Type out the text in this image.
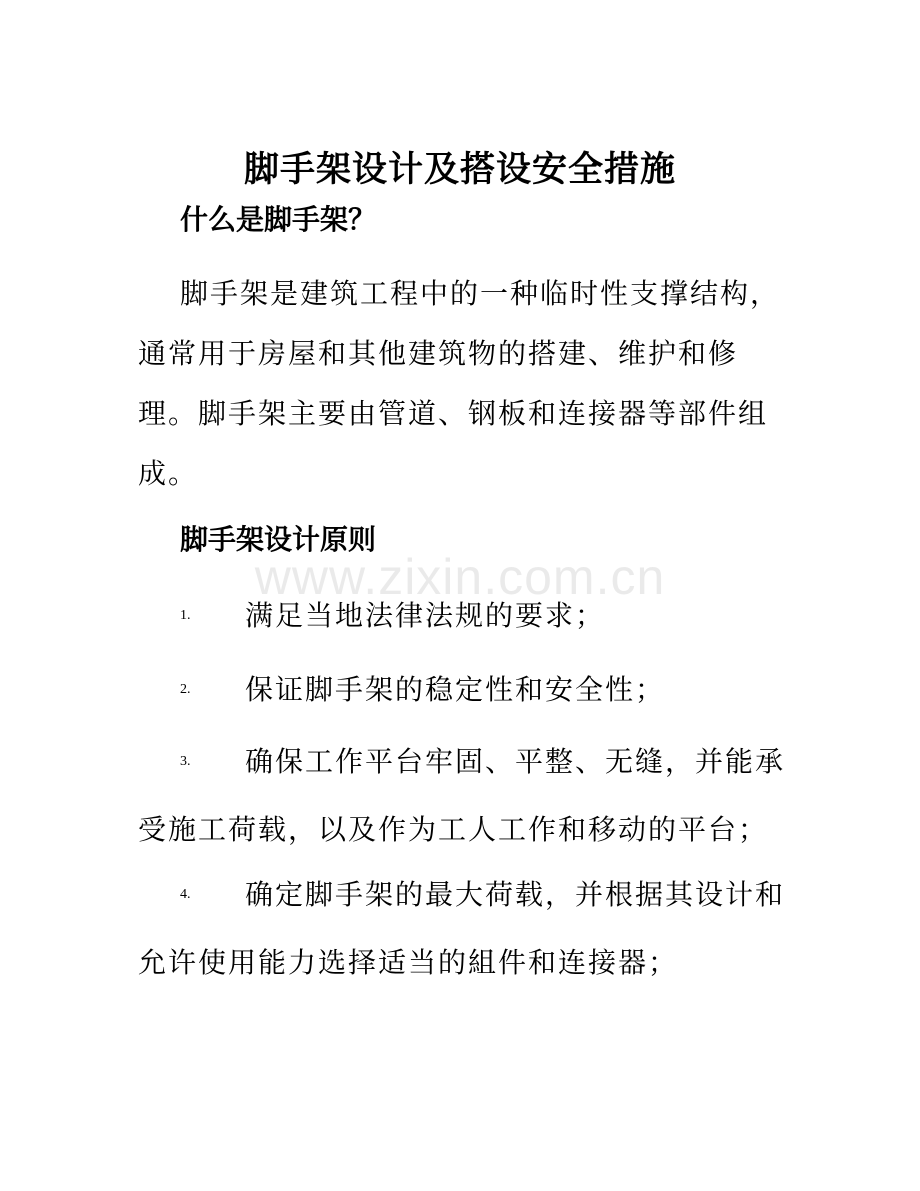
www.zixin.com.cn
脚手架设计及搭设安全措施
什么是脚手架？
脚手架是建筑工程中的一种临时性支撑结构，通常用于房屋和其他建筑物的搭建、维护和修理。脚手架主要由管道、钢板和连接器等部件组成。
脚手架设计原则
1. 满足当地法律法规的要求；
2. 保证脚手架的稳定性和安全性；
3. 确保工作平台牢固、平整、无缝，并能承受施工荷载，以及作为工人工作和移动的平台；
4. 确定脚手架的最大荷载，并根据其设计和允许使用能力选择适当的組件和连接器；
